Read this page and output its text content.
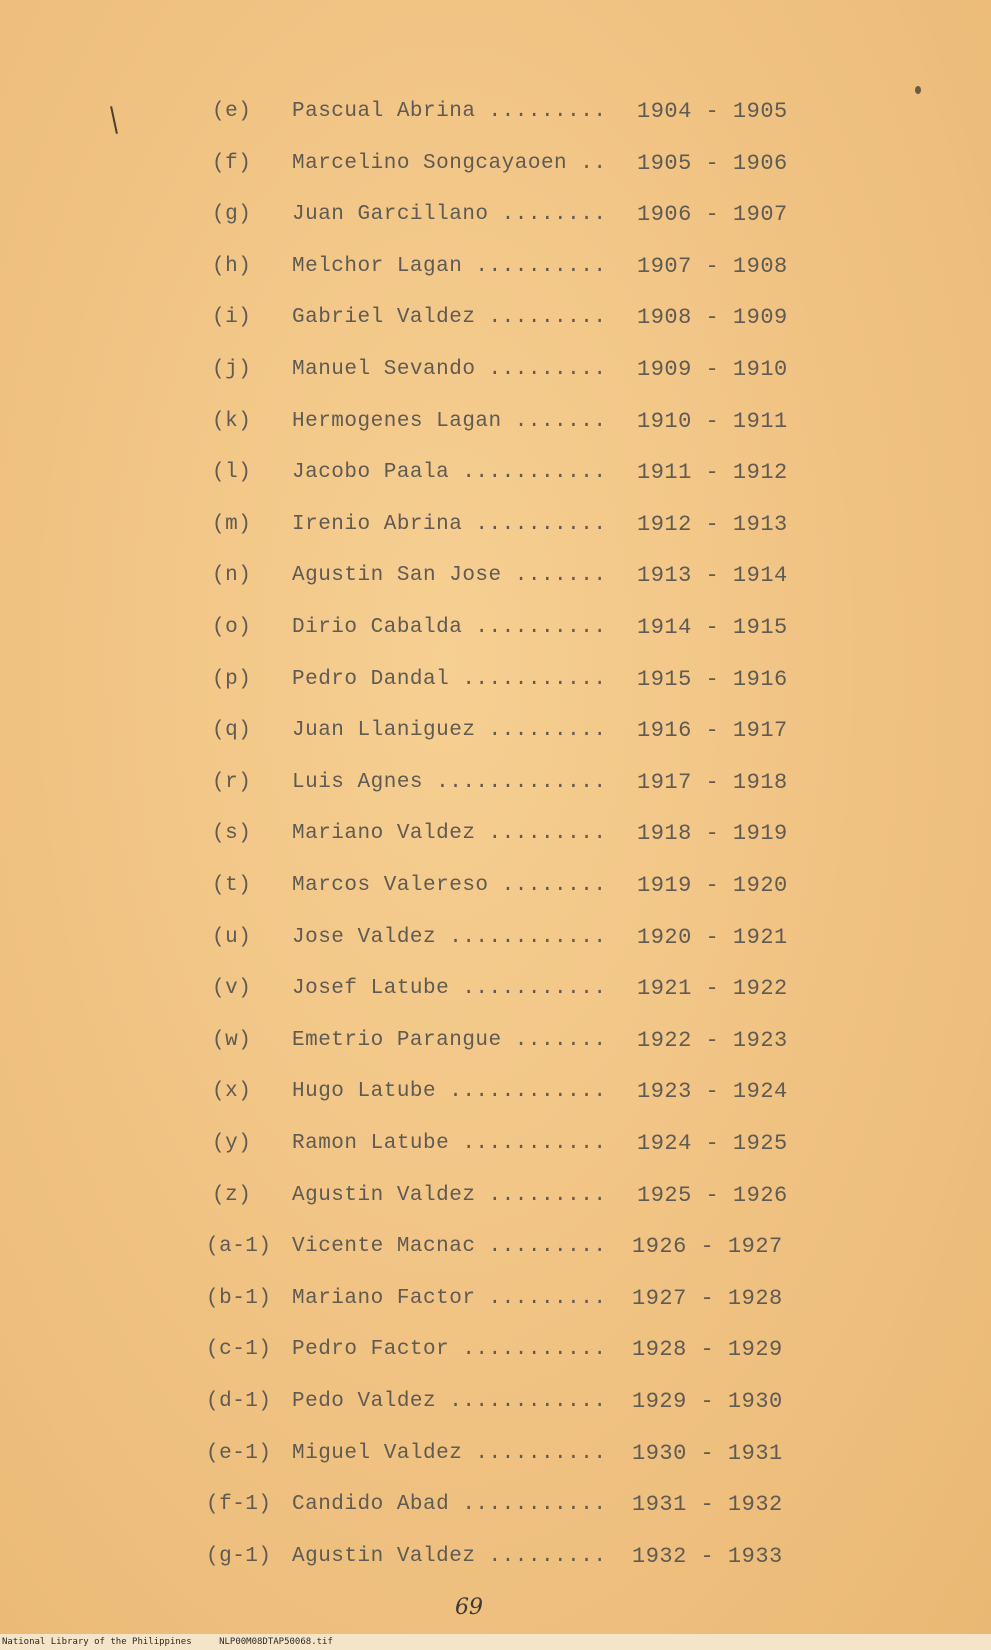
(e)	Pascual Abrina .........	1904 - 1905
(f)	Marcelino Songcayaoen ..	1905 - 1906
(g)	Juan Garcillano ........	1906 - 1907
(h)	Melchor Lagan ..........	1907 - 1908
(i)	Gabriel Valdez .........	1908 - 1909
(j)	Manuel Sevando .........	1909 - 1910
(k)	Hermogenes Lagan .......	1910 - 1911
(l)	Jacobo Paala ...........	1911 - 1912
(m)	Irenio Abrina ..........	1912 - 1913
(n)	Agustin San Jose .......	1913 - 1914
(o)	Dirio Cabalda ..........	1914 - 1915
(p)	Pedro Dandal ...........	1915 - 1916
(q)	Juan Llaniguez .........	1916 - 1917
(r)	Luis Agnes .............	1917 - 1918
(s)	Mariano Valdez .........	1918 - 1919
(t)	Marcos Valereso ........	1919 - 1920
(u)	Jose Valdez ............	1920 - 1921
(v)	Josef Latube ...........	1921 - 1922
(w)	Emetrio Parangue .......	1922 - 1923
(x)	Hugo Latube ............	1923 - 1924
(y)	Ramon Latube ...........	1924 - 1925
(z)	Agustin Valdez .........	1925 - 1926
(a-1) Vicente Macnac .........	1926 - 1927
(b-1) Mariano Factor .........	1927 - 1928
(c-1) Pedro Factor ...........	1928 - 1929
(d-1) Pedo Valdez ............	1929 - 1930
(e-1) Miguel Valdez ..........	1930 - 1931
(f-1) Candido Abad ...........	1931 - 1932
(g-1) Agustin Valdez .........	1932 - 1933
69
National Library of the Philippines	NLP00M08DTAP50068.tif
